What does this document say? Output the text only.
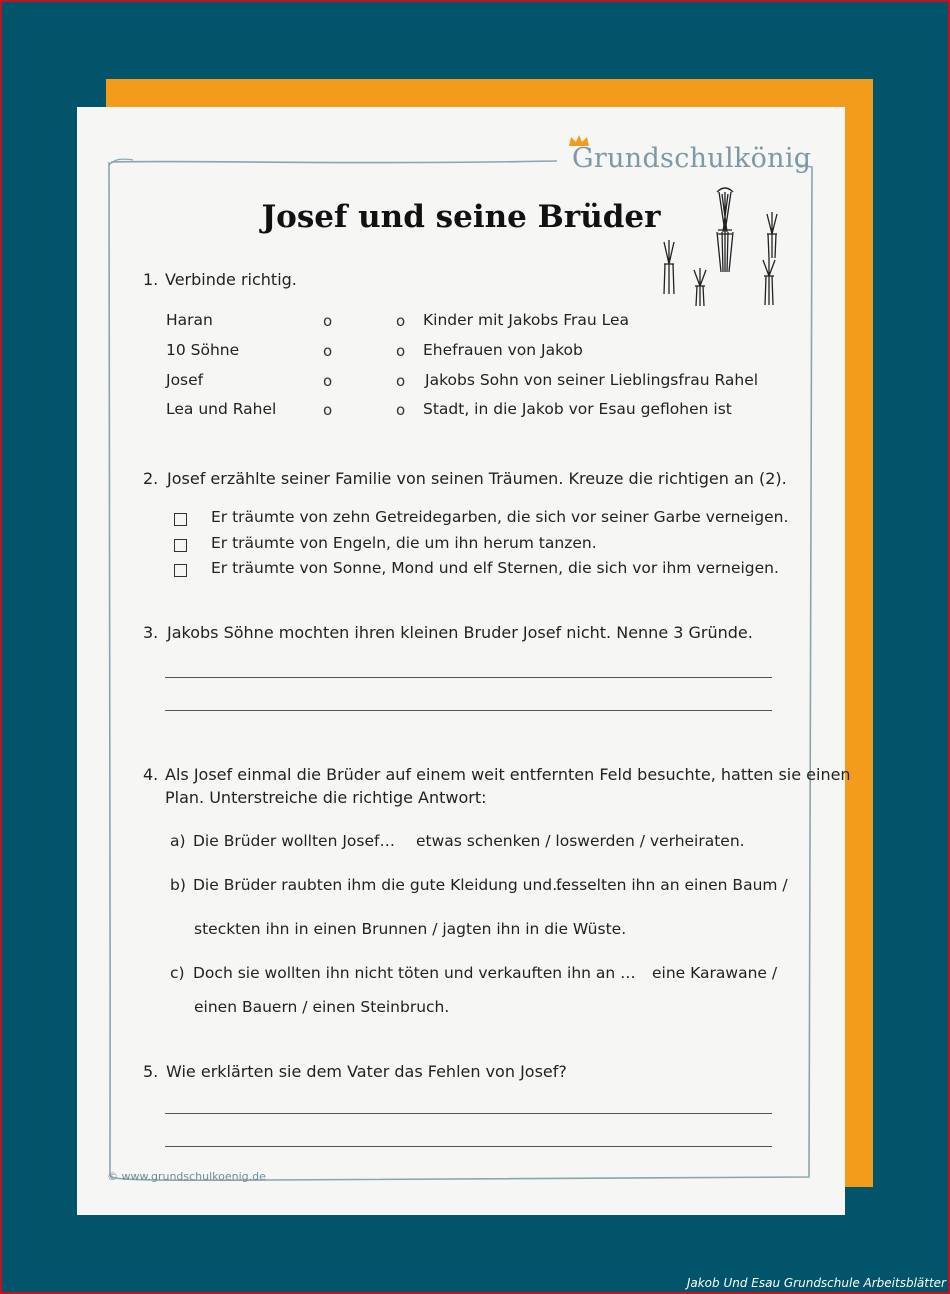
Grundschulkönig
Josef und seine Brüder
1. Verbinde richtig.
Haran
10 Söhne
Josef
Lea und Rahel
o
o
o
o
o
o
o
o
Kinder mit Jakobs Frau Lea
Ehefrauen von Jakob
Jakobs Sohn von seiner Lieblingsfrau Rahel
Stadt, in die Jakob vor Esau geflohen ist
2. Josef erzählte seiner Familie von seinen Träumen. Kreuze die richtigen an (2).
Er träumte von zehn Getreidegarben, die sich vor seiner Garbe verneigen.
Er träumte von Engeln, die um ihn herum tanzen.
Er träumte von Sonne, Mond und elf Sternen, die sich vor ihm verneigen.
3. Jakobs Söhne mochten ihren kleinen Bruder Josef nicht. Nenne 3 Gründe.
4. Als Josef einmal die Brüder auf einem weit entfernten Feld besuchte, hatten sie einen
Plan. Unterstreiche die richtige Antwort:
a) Die Brüder wollten Josef… etwas schenken / loswerden / verheiraten.
b) Die Brüder raubten ihm die gute Kleidung und…
fesselten ihn an einen Baum /
steckten ihn in einen Brunnen / jagten ihn in die Wüste.
c) Doch sie wollten ihn nicht töten und verkauften ihn an … eine Karawane /
einen Bauern / einen Steinbruch.
5. Wie erklärten sie dem Vater das Fehlen von Josef?
© www.grundschulkoenig.de
Jakob Und Esau Grundschule Arbeitsblätter
